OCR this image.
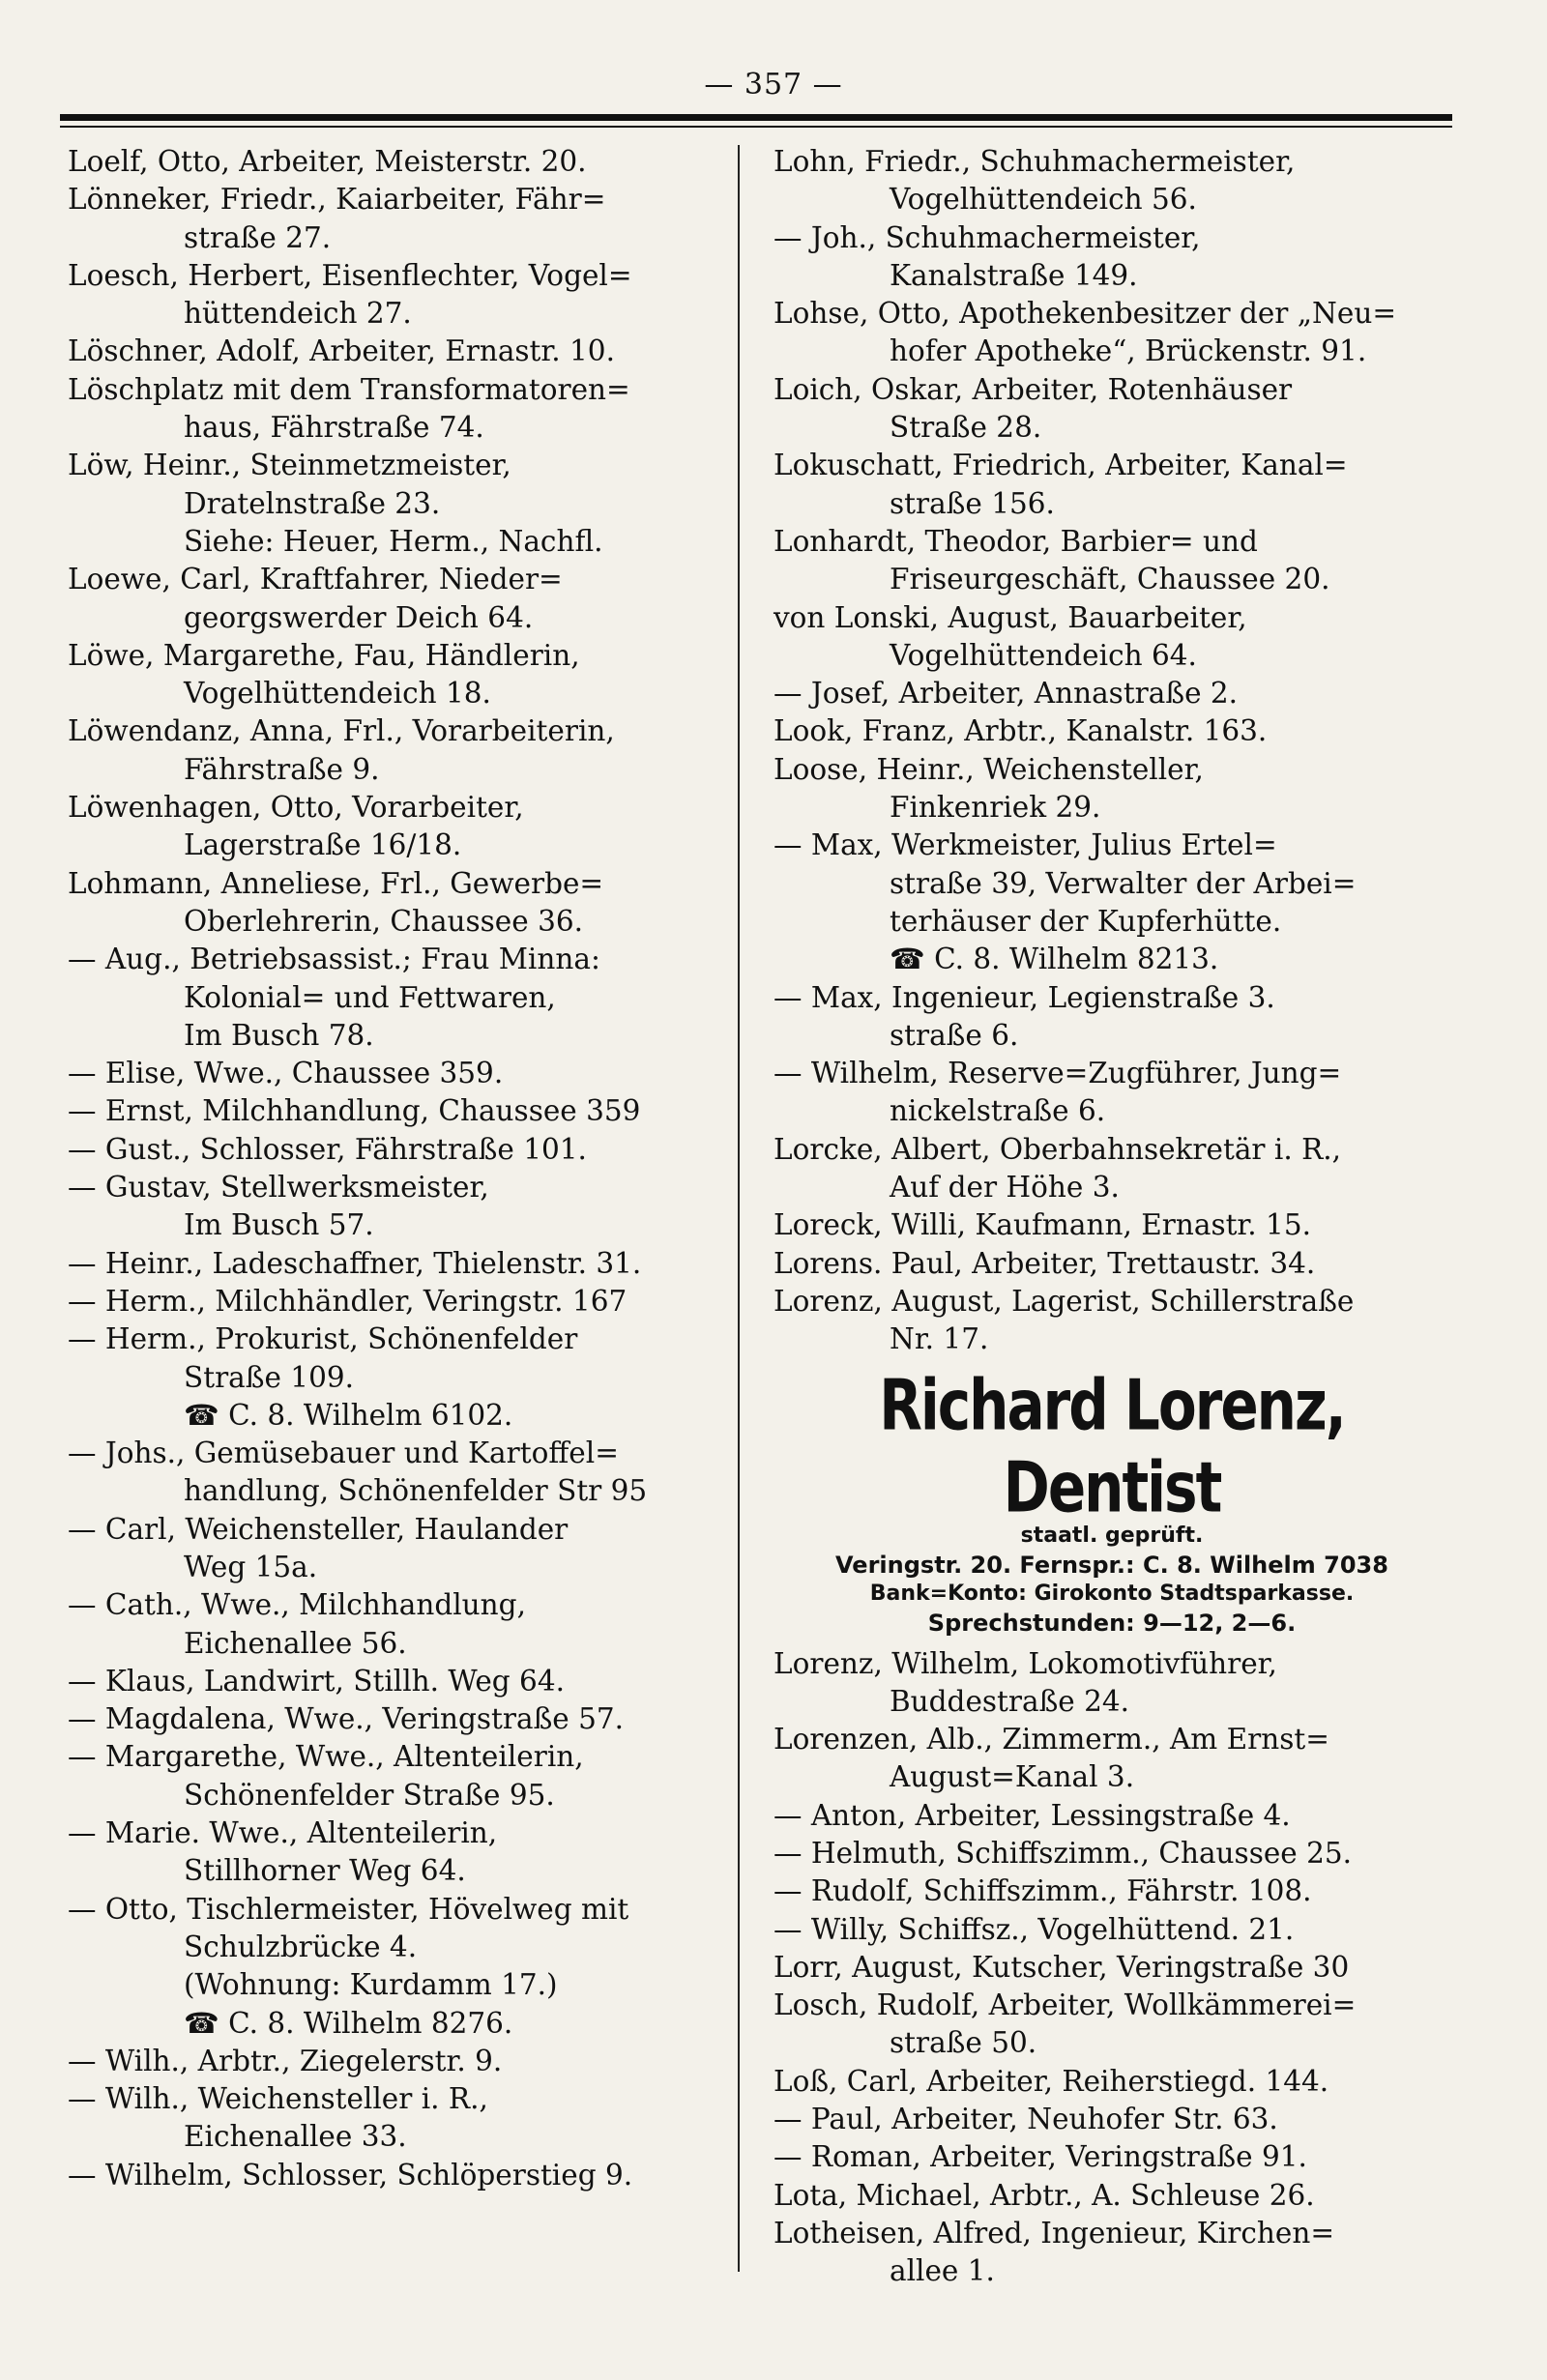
— 357 —
Loelf, Otto, Arbeiter, Meisterstr. 20.
Lönneker, Friedr., Kaiarbeiter, Fähr=
straße 27.
Loesch, Herbert, Eisenflechter, Vogel=
hüttendeich 27.
Löschner, Adolf, Arbeiter, Ernastr. 10.
Löschplatz mit dem Transformatoren=
haus, Fährstraße 74.
Löw, Heinr., Steinmetzmeister,
Dratelnstraße 23.
Siehe: Heuer, Herm., Nachfl.
Loewe, Carl, Kraftfahrer, Nieder=
georgswerder Deich 64.
Löwe, Margarethe, Fau, Händlerin,
Vogelhüttendeich 18.
Löwendanz, Anna, Frl., Vorarbeiterin,
Fährstraße 9.
Löwenhagen, Otto, Vorarbeiter,
Lagerstraße 16/18.
Lohmann, Anneliese, Frl., Gewerbe=
Oberlehrerin, Chaussee 36.
— Aug., Betriebsassist.; Frau Minna:
Kolonial= und Fettwaren,
Im Busch 78.
— Elise, Wwe., Chaussee 359.
— Ernst, Milchhandlung, Chaussee 359
— Gust., Schlosser, Fährstraße 101.
— Gustav, Stellwerksmeister,
Im Busch 57.
— Heinr., Ladeschaffner, Thielenstr. 31.
— Herm., Milchhändler, Veringstr. 167
— Herm., Prokurist, Schönenfelder
Straße 109.
☎ C. 8. Wilhelm 6102.
— Johs., Gemüsebauer und Kartoffel=
handlung, Schönenfelder Str 95
— Carl, Weichensteller, Haulander
Weg 15a.
— Cath., Wwe., Milchhandlung,
Eichenallee 56.
— Klaus, Landwirt, Stillh. Weg 64.
— Magdalena, Wwe., Veringstraße 57.
— Margarethe, Wwe., Altenteilerin,
Schönenfelder Straße 95.
— Marie. Wwe., Altenteilerin,
Stillhorner Weg 64.
— Otto, Tischlermeister, Hövelweg mit
Schulzbrücke 4.
(Wohnung: Kurdamm 17.)
☎ C. 8. Wilhelm 8276.
— Wilh., Arbtr., Ziegelerstr. 9.
— Wilh., Weichensteller i. R.,
Eichenallee 33.
— Wilhelm, Schlosser, Schlöperstieg 9.
Lohn, Friedr., Schuhmachermeister,
Vogelhüttendeich 56.
— Joh., Schuhmachermeister,
Kanalstraße 149.
Lohse, Otto, Apothekenbesitzer der „Neu=
hofer Apotheke“, Brückenstr. 91.
Loich, Oskar, Arbeiter, Rotenhäuser
Straße 28.
Lokuschatt, Friedrich, Arbeiter, Kanal=
straße 156.
Lonhardt, Theodor, Barbier= und
Friseurgeschäft, Chaussee 20.
von Lonski, August, Bauarbeiter,
Vogelhüttendeich 64.
— Josef, Arbeiter, Annastraße 2.
Look, Franz, Arbtr., Kanalstr. 163.
Loose, Heinr., Weichensteller,
Finkenriek 29.
— Max, Werkmeister, Julius Ertel=
straße 39, Verwalter der Arbei=
terhäuser der Kupferhütte.
☎ C. 8. Wilhelm 8213.
— Max, Ingenieur, Legienstraße 3.
straße 6.
— Wilhelm, Reserve=Zugführer, Jung=
nickelstraße 6.
Lorcke, Albert, Oberbahnsekretär i. R.,
Auf der Höhe 3.
Loreck, Willi, Kaufmann, Ernastr. 15.
Lorens. Paul, Arbeiter, Trettaustr. 34.
Lorenz, August, Lagerist, Schillerstraße
Nr. 17.
Richard Lorenz, Dentist
staatl. geprüft.
Veringstr. 20. Fernspr.: C. 8. Wilhelm 7038
Bank=Konto: Girokonto Stadtsparkasse.
Sprechstunden: 9—12, 2—6.
Lorenz, Wilhelm, Lokomotivführer,
Buddestraße 24.
Lorenzen, Alb., Zimmerm., Am Ernst=
August=Kanal 3.
— Anton, Arbeiter, Lessingstraße 4.
— Helmuth, Schiffszimm., Chaussee 25.
— Rudolf, Schiffszimm., Fährstr. 108.
— Willy, Schiffsz., Vogelhüttend. 21.
Lorr, August, Kutscher, Veringstraße 30
Losch, Rudolf, Arbeiter, Wollkämmerei=
straße 50.
Loß, Carl, Arbeiter, Reiherstiegd. 144.
— Paul, Arbeiter, Neuhofer Str. 63.
— Roman, Arbeiter, Veringstraße 91.
Lota, Michael, Arbtr., A. Schleuse 26.
Lotheisen, Alfred, Ingenieur, Kirchen=
allee 1.
